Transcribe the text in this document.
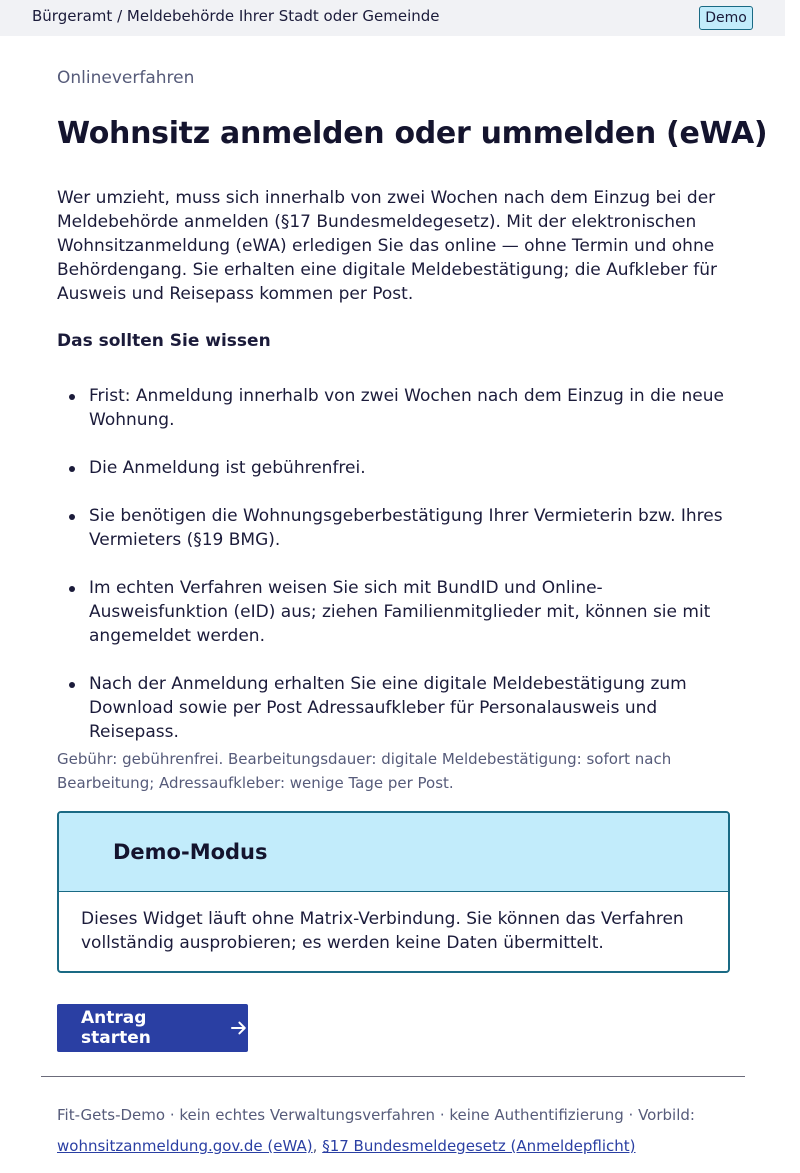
Bürgeramt / Meldebehörde Ihrer Stadt oder Gemeinde	Demo
Onlineverfahren
Wohnsitz anmelden oder ummelden (eWA)

Wer umzieht, muss sich innerhalb von zwei Wochen nach dem Einzug bei der Meldebehörde anmelden (§17 Bundesmeldegesetz). Mit der elektronischen Wohnsitzanmeldung (eWA) erledigen Sie das online — ohne Termin und ohne Behördengang. Sie erhalten eine digitale Meldebestätigung; die Aufkleber für Ausweis und Reisepass kommen per Post.

Das sollten Sie wissen
Frist: Anmeldung innerhalb von zwei Wochen nach dem Einzug in die neue Wohnung.
Die Anmeldung ist gebührenfrei.
Sie benötigen die Wohnungsgeberbestätigung Ihrer Vermieterin bzw. Ihres Vermieters (§19 BMG).
Im echten Verfahren weisen Sie sich mit BundID und Online-Ausweisfunktion (eID) aus; ziehen Familienmitglieder mit, können sie mit angemeldet werden.
Nach der Anmeldung erhalten Sie eine digitale Meldebestätigung zum Download sowie per Post Adressaufkleber für Personalausweis und Reisepass.

Gebühr: gebührenfrei. Bearbeitungsdauer: digitale Meldebestätigung: sofort nach Bearbeitung; Adressaufkleber: wenige Tage per Post.

Demo-Modus

Dieses Widget läuft ohne Matrix-Verbindung. Sie können das Verfahren vollständig ausprobieren; es werden keine Daten übermittelt.

Antrag starten
Fit-Gets-Demo · kein echtes Verwaltungsverfahren · keine Authentifizierung · Vorbild:
wohnsitzanmeldung.gov.de (eWA), §17 Bundesmeldegesetz (Anmeldepflicht)
